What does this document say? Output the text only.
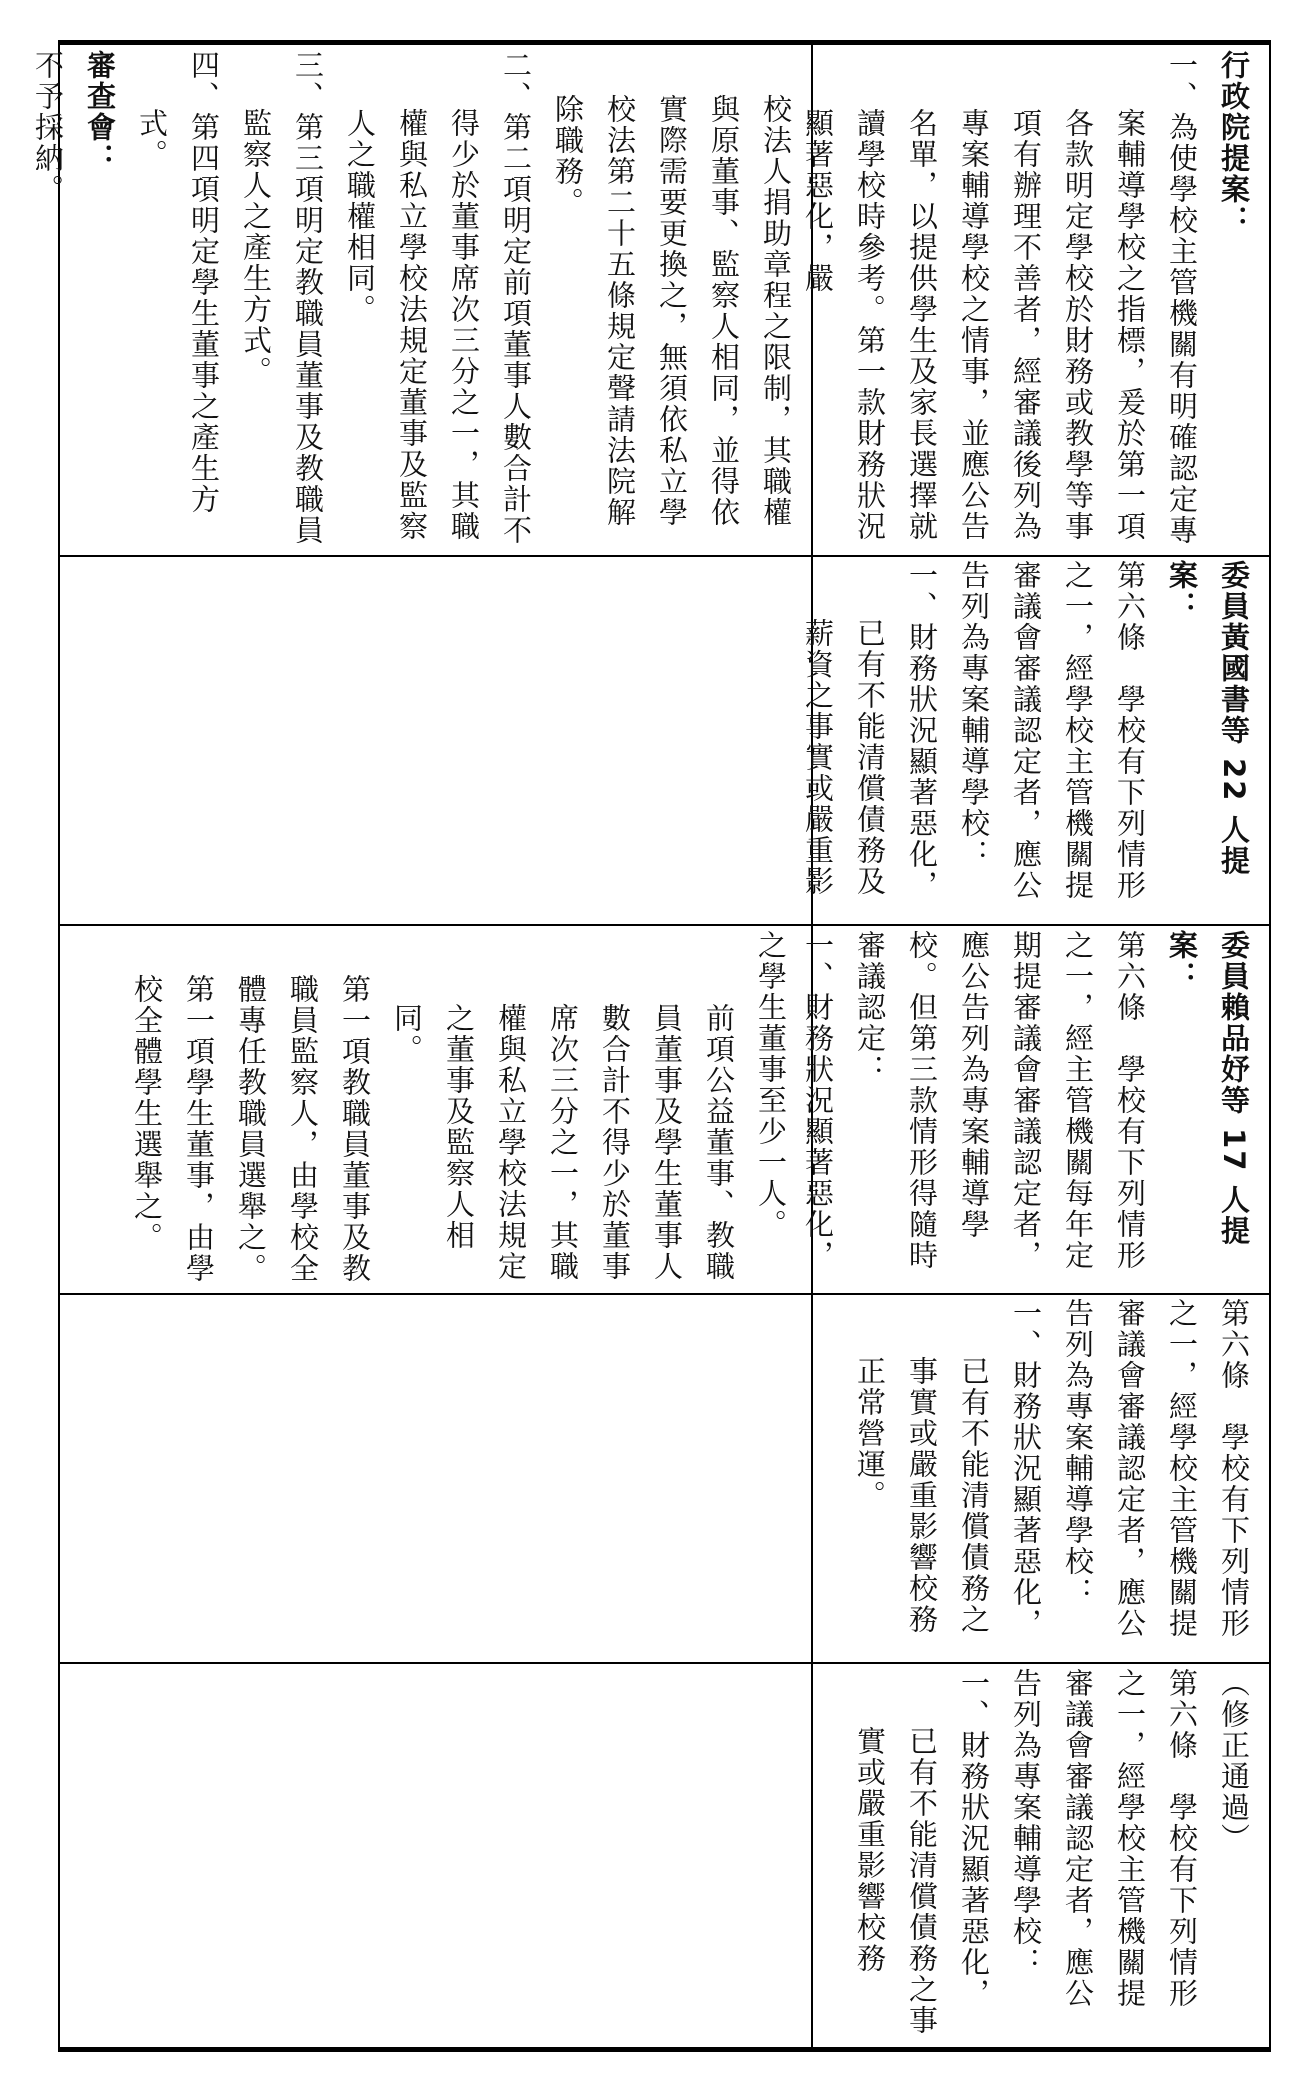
之學生董事至少一人。

前項公益董事、教職員董事及學生董事人數合計不得少於董事席次三分之一，其職權與私立學校法規定之董事及監察人相同。

第一項教職員董事及教職員監察人，由學校全體專任教職員選舉之。

第一項學生董事，由學校全體學生選舉之。

校法人捐助章程之限制，其職權與原董事、監察人相同，並得依實際需要更換之，無須依私立學校法第二十五條規定聲請法院解除職務。

二、第二項明定前項董事人數合計不得少於董事席次三分之一，其職權與私立學校法規定董事及監察人之職權相同。

三、第三項明定教職員董事及教職員監察人之產生方式。

四、第四項明定學生董事之產生方式。

審查會：

不予採納。

（修正通過）

第六條　學校有下列情形之一，經學校主管機關提審議會審議認定者，應公告列為專案輔導學校：

一、財務狀況顯著惡化，已有不能清償債務之事實或嚴重影響校務

第六條　學校有下列情形之一，經學校主管機關提審議會審議認定者，應公告列為專案輔導學校：

一、財務狀況顯著惡化，已有不能清償債務之事實或嚴重影響校務正常營運。

委員賴品妤等 17 人提案：

第六條　學校有下列情形之一，經主管機關每年定期提審議會審議認定者，應公告列為專案輔導學校。但第三款情形得隨時審議認定：

一、財務狀況顯著惡化，

委員黃國書等 22 人提案：

第六條　學校有下列情形之一，經學校主管機關提審議會審議認定者，應公告列為專案輔導學校：

一、財務狀況顯著惡化，已有不能清償債務及薪資之事實或嚴重影

行政院提案：

一、為使學校主管機關有明確認定專案輔導學校之指標，爰於第一項各款明定學校於財務或教學等事項有辦理不善者，經審議後列為專案輔導學校之情事，並應公告名單，以提供學生及家長選擇就讀學校時參考。第一款財務狀況顯著惡化，嚴
